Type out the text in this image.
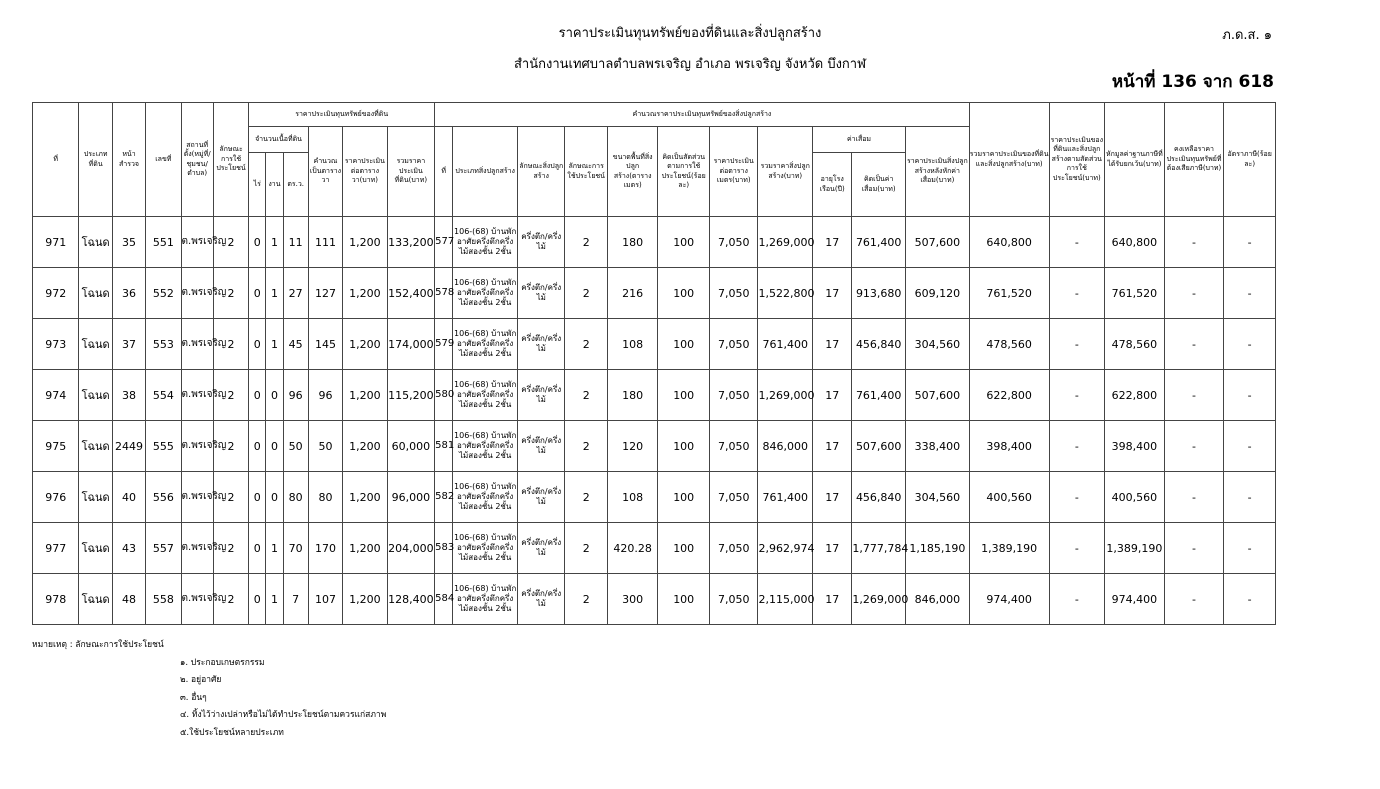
ราคาประเมินทุนทรัพย์ของที่ดินและสิ่งปลูกสร้าง	ภ.ด.ส. ๑
สำนักงานเทศบาลตำบลพรเจริญ อำเภอ พรเจริญ จังหวัด บึงกาฬ
หน้าที่ 136 จาก 618
ที่	ประเภทที่ดิน	หน้าสำรวจ	เลขที่	สถานที่ตั้ง(หมู่ที่/ชุมชน/ตำบล)	ลักษณะการใช้ประโยชน์	ราคาประเมินทุนทรัพย์ของที่ดิน						คำนวณราคาประเมินทุนทรัพย์ของสิ่งปลูกสร้าง											รวมราคาประเมินของที่ดินและสิ่งปลูกสร้าง(บาท)	ราคาประเมินของที่ดินและสิ่งปลูกสร้างตามสัดส่วนการใช้ประโยชน์(บาท)	หักมูลค่าฐานภาษีที่ได้รับยกเว้น(บาท)	คงเหลือราคาประเมินทุนทรัพย์ที่ต้องเสียภาษี(บาท)	อัตราภาษี(ร้อยละ)
						จำนวนเนื้อที่ดิน			คำนวณเป็นตารางวา	ราคาประเมินต่อตารางวา(บาท)	รวมราคาประเมินที่ดิน(บาท)	ที่	ประเภทสิ่งปลูกสร้าง	ลักษณะสิ่งปลูกสร้าง	ลักษณะการใช้ประโยชน์	ขนาดพื้นที่สิ่งปลูกสร้าง(ตารางเมตร)	คิดเป็นสัดส่วนตามการใช้ประโยชน์(ร้อยละ)	ราคาประเมินต่อตารางเมตร(บาท)	รวมราคาสิ่งปลูกสร้าง(บาท)	ค่าเสื่อม		ราคาประเมินสิ่งปลูกสร้างหลังหักค่าเสื่อม(บาท)					
						ไร่	งาน	ตร.ว.												อายุโรงเรือน(ปี)	คิดเป็นค่าเสื่อม(บาท)						
971	โฉนด	35	551	ต.พรเจริญ	2	0	1	11	111	1,200	133,200	577	106-(68) บ้านพักอาศัยครึ่งตึกครึ่งไม้สองชั้น 2ชั้น	ครึ่งตึก/ครึ่งไม้	2	180	100	7,050	1,269,000	17	761,400	507,600	640,800	-	640,800	-	-
972	โฉนด	36	552	ต.พรเจริญ	2	0	1	27	127	1,200	152,400	578	106-(68) บ้านพักอาศัยครึ่งตึกครึ่งไม้สองชั้น 2ชั้น	ครึ่งตึก/ครึ่งไม้	2	216	100	7,050	1,522,800	17	913,680	609,120	761,520	-	761,520	-	-
973	โฉนด	37	553	ต.พรเจริญ	2	0	1	45	145	1,200	174,000	579	106-(68) บ้านพักอาศัยครึ่งตึกครึ่งไม้สองชั้น 2ชั้น	ครึ่งตึก/ครึ่งไม้	2	108	100	7,050	761,400	17	456,840	304,560	478,560	-	478,560	-	-
974	โฉนด	38	554	ต.พรเจริญ	2	0	0	96	96	1,200	115,200	580	106-(68) บ้านพักอาศัยครึ่งตึกครึ่งไม้สองชั้น 2ชั้น	ครึ่งตึก/ครึ่งไม้	2	180	100	7,050	1,269,000	17	761,400	507,600	622,800	-	622,800	-	-
975	โฉนด	2449	555	ต.พรเจริญ	2	0	0	50	50	1,200	60,000	581	106-(68) บ้านพักอาศัยครึ่งตึกครึ่งไม้สองชั้น 2ชั้น	ครึ่งตึก/ครึ่งไม้	2	120	100	7,050	846,000	17	507,600	338,400	398,400	-	398,400	-	-
976	โฉนด	40	556	ต.พรเจริญ	2	0	0	80	80	1,200	96,000	582	106-(68) บ้านพักอาศัยครึ่งตึกครึ่งไม้สองชั้น 2ชั้น	ครึ่งตึก/ครึ่งไม้	2	108	100	7,050	761,400	17	456,840	304,560	400,560	-	400,560	-	-
977	โฉนด	43	557	ต.พรเจริญ	2	0	1	70	170	1,200	204,000	583	106-(68) บ้านพักอาศัยครึ่งตึกครึ่งไม้สองชั้น 2ชั้น	ครึ่งตึก/ครึ่งไม้	2	420.28	100	7,050	2,962,974	17	1,777,784	1,185,190	1,389,190	-	1,389,190	-	-
978	โฉนด	48	558	ต.พรเจริญ	2	0	1	7	107	1,200	128,400	584	106-(68) บ้านพักอาศัยครึ่งตึกครึ่งไม้สองชั้น 2ชั้น	ครึ่งตึก/ครึ่งไม้	2	300	100	7,050	2,115,000	17	1,269,000	846,000	974,400	-	974,400	-	-
หมายเหตุ : ลักษณะการใช้ประโยชน์
๑. ประกอบเกษตรกรรม
๒. อยู่อาศัย
๓. อื่นๆ
๔. ทิ้งไว้ว่างเปล่าหรือไม่ได้ทำประโยชน์ตามควรแก่สภาพ
๕.ใช้ประโยชน์หลายประเภท
